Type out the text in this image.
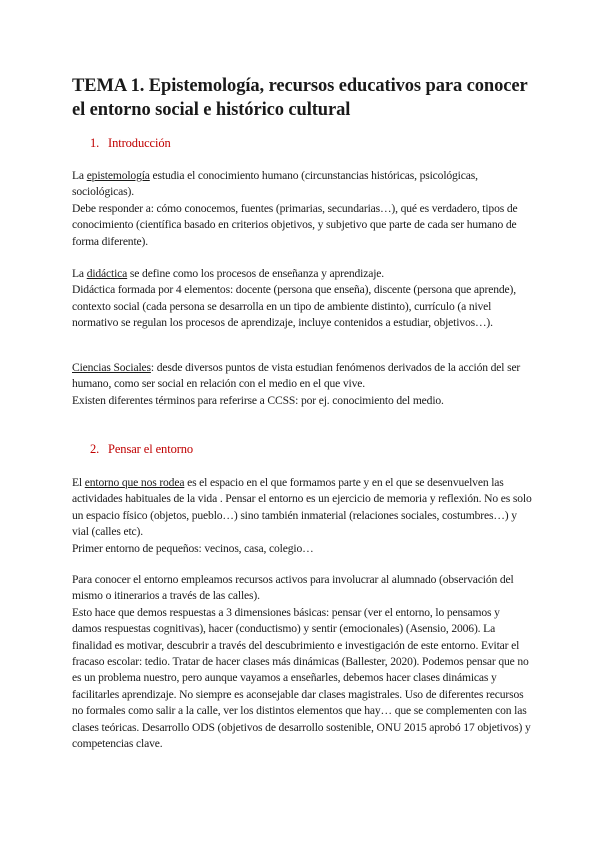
TEMA 1. Epistemología, recursos educativos para conocer el entorno social e histórico cultural
1. Introducción

La epistemología estudia el conocimiento humano (circunstancias históricas, psicológicas, sociológicas).
Debe responder a: cómo conocemos, fuentes (primarias, secundarias…), qué es verdadero, tipos de conocimiento (científica basado en criterios objetivos, y subjetivo que parte de cada ser humano de forma diferente).

La didáctica se define como los procesos de enseñanza y aprendizaje.
Didáctica formada por 4 elementos: docente (persona que enseña), discente (persona que aprende), contexto social (cada persona se desarrolla en un tipo de ambiente distinto), currículo (a nivel normativo se regulan los procesos de aprendizaje, incluye contenidos a estudiar, objetivos…).

Ciencias Sociales: desde diversos puntos de vista estudian fenómenos derivados de la acción del ser humano, como ser social en relación con el medio en el que vive.
Existen diferentes términos para referirse a CCSS: por ej. conocimiento del medio.

2. Pensar el entorno

El entorno que nos rodea es el espacio en el que formamos parte y en el que se desenvuelven las actividades habituales de la vida . Pensar el entorno es un ejercicio de memoria y reflexión. No es solo un espacio físico (objetos, pueblo…) sino también inmaterial (relaciones sociales, costumbres…) y vial (calles etc).
Primer entorno de pequeños: vecinos, casa, colegio…

Para conocer el entorno empleamos recursos activos para involucrar al alumnado (observación del mismo o itinerarios a través de las calles).
Esto hace que demos respuestas a 3 dimensiones básicas: pensar (ver el entorno, lo pensamos y damos respuestas cognitivas), hacer (conductismo) y sentir (emocionales) (Asensio, 2006). La finalidad es motivar, descubrir a través del descubrimiento e investigación de este entorno. Evitar el fracaso escolar: tedio. Tratar de hacer clases más dinámicas (Ballester, 2020). Podemos pensar que no es un problema nuestro, pero aunque vayamos a enseñarles, debemos hacer clases dinámicas y facilitarles aprendizaje. No siempre es aconsejable dar clases magistrales. Uso de diferentes recursos no formales como salir a la calle, ver los distintos elementos que hay… que se complementen con las clases teóricas. Desarrollo ODS (objetivos de desarrollo sostenible, ONU 2015 aprobó 17 objetivos) y competencias clave.
